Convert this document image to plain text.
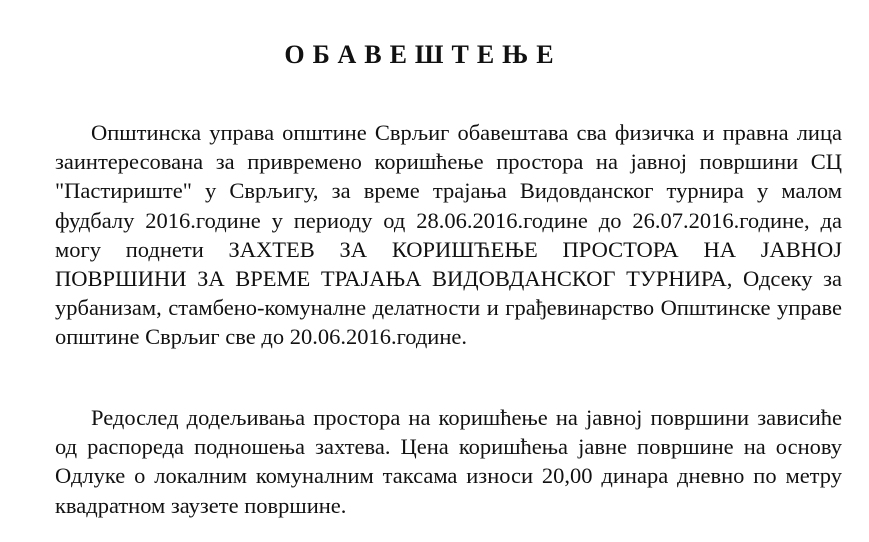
ОБАВЕШТЕЊЕ

Општинска управа општине Сврљиг обавештава сва физичка и правна лица заинтересована за привремено коришћење простора на јавној површини СЦ "Пастириште" у Сврљигу, за време трајања Видовданског турнира у малом фудбалу 2016.године у периоду од 28.06.2016.године до 26.07.2016.године, да могу поднети ЗАХТЕВ ЗА КОРИШЋЕЊЕ ПРОСТОРА НА ЈАВНОЈ ПОВРШИНИ ЗА ВРЕМЕ ТРАЈАЊА ВИДОВДАНСКОГ ТУРНИРА, Одсеку за урбанизам, стамбено-комуналне делатности и грађевинарство Општинске управе општине Сврљиг све до 20.06.2016.године.

Редослед додељивања простора на коришћење на јавној површини зависиће од распореда подношења захтева. Цена коришћења јавне површине на основу Одлуке о локалним комуналним таксама износи 20,00 динара дневно по метру квадратном заузете површине.
